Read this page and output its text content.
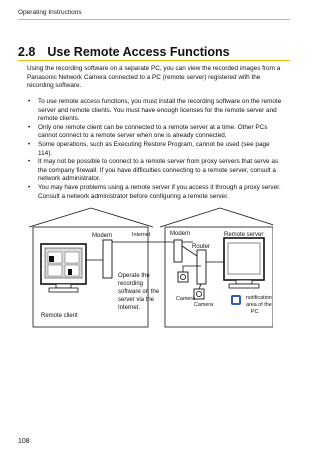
Operating Instructions
2.8 Use Remote Access Functions
Using the recording software on a separate PC, you can view the recorded images from a Panasonic Network Camera connected to a PC (remote server) registered with the recording software.
• To use remote access functions, you must install the recording software on the remote server and remote clients. You must have enough licenses for the remote server and remote clients.
• Only one remote client can be connected to a remote server at a time. Other PCs cannot connect to a remote server when one is already connected.
• Some operations, such as Executing Restore Program, cannot be used (see page 114).
• It may not be possible to connect to a remote server from proxy servers that serve as the company firewall. If you have difficulties connecting to a remote server, consult a network administrator.
• You may have problems using a remote server if you access it through a proxy server. Consult a network administrator before configuring a remote server.
Modem	Internet	Modem	Remote server
Router
Remote client
Operate the
recording
software on the
server via the
Internet.
Camera
Camera
notification
area of the
PC
108
